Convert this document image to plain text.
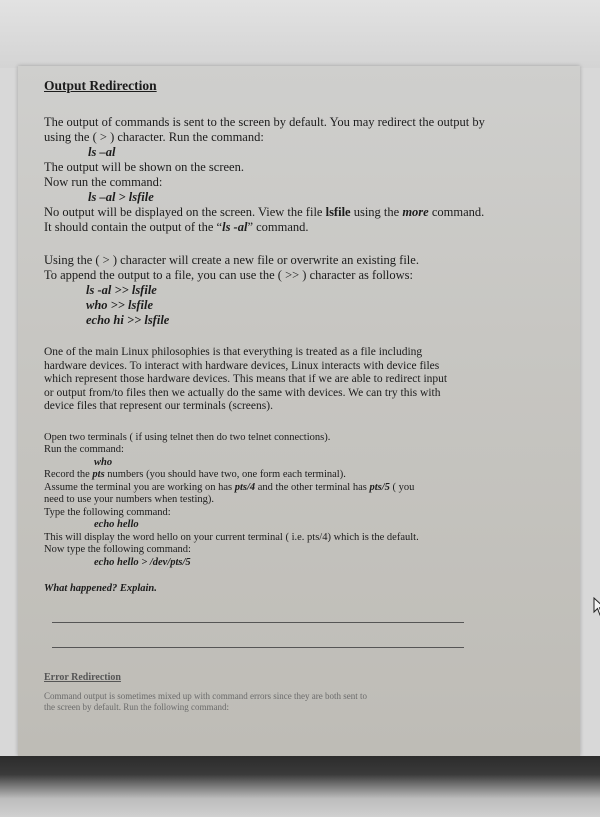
Output Redirection

The output of commands is sent to the screen by default. You may redirect the output by

using the ( > ) character. Run the command:

ls –al

The output will be shown on the screen.

Now run the command:

ls –al > lsfile

No output will be displayed on the screen. View the file lsfile using the more command.

It should contain the output of the “ls -al” command.

Using the ( > ) character will create a new file or overwrite an existing file.

To append the output to a file, you can use the ( >> ) character as follows:

ls -al >> lsfile

who >> lsfile

echo hi >> lsfile

One of the main Linux philosophies is that everything is treated as a file including

hardware devices. To interact with hardware devices, Linux interacts with device files

which represent those hardware devices. This means that if we are able to redirect input

or output from/to files then we actually do the same with devices. We can try this with

device files that represent our terminals (screens).

Open two terminals ( if using telnet then do two telnet connections).

Run the command:

who

Record the pts numbers (you should have two, one form each terminal).

Assume the terminal you are working on has pts/4 and the other terminal has pts/5 ( you

need to use your numbers when testing).

Type the following command:

echo hello

This will display the word hello on your current terminal ( i.e. pts/4) which is the default.

Now type the following command:

echo hello > /dev/pts/5

What happened? Explain.

Error Redirection

Command output is sometimes mixed up with command errors since they are both sent to

the screen by default. Run the following command:
